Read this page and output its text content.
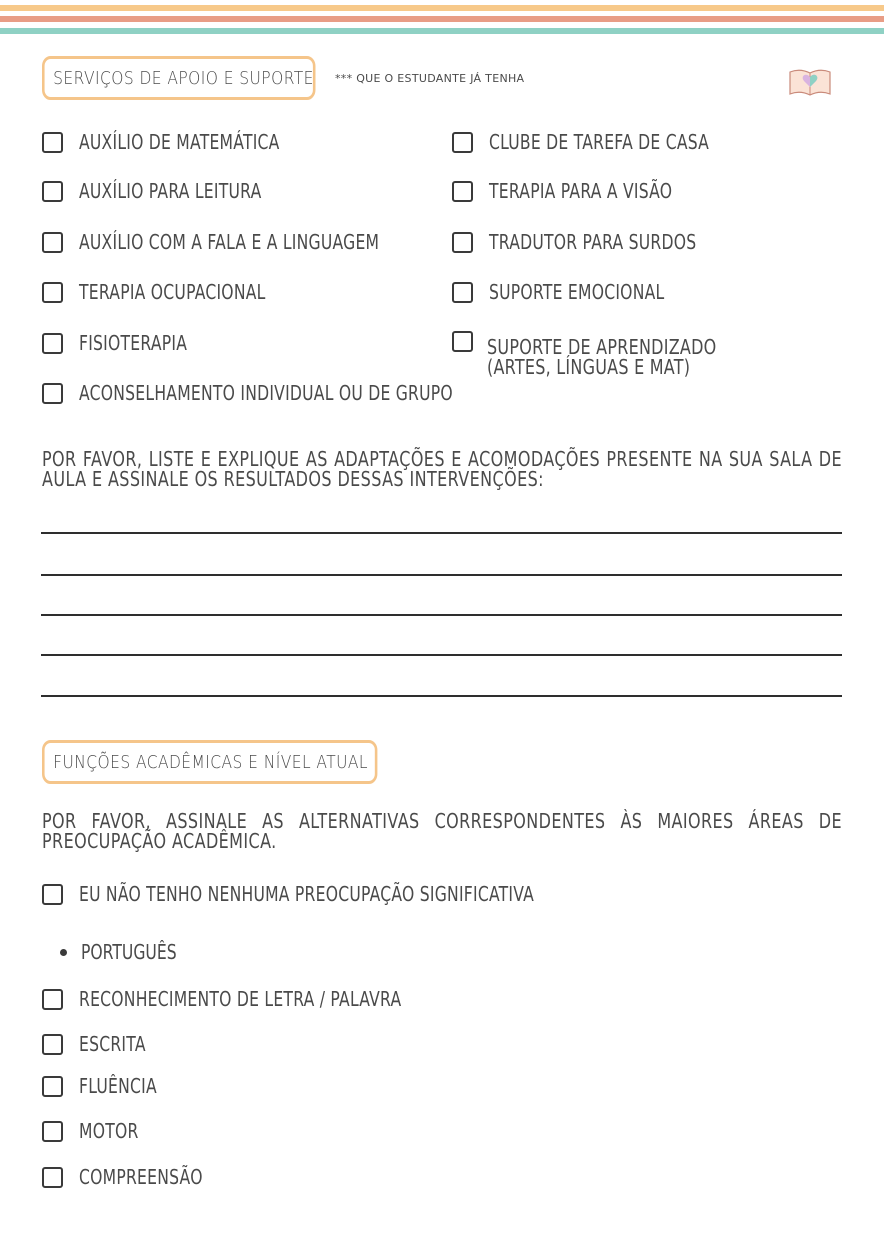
SERVIÇOS DE APOIO E SUPORTE *** QUE O ESTUDANTE JÁ TENHA
AUXÍLIO DE MATEMÁTICA
AUXÍLIO PARA LEITURA
AUXÍLIO COM A FALA E A LINGUAGEM
TERAPIA OCUPACIONAL
FISIOTERAPIA
ACONSELHAMENTO INDIVIDUAL OU DE GRUPO
CLUBE DE TAREFA DE CASA
TERAPIA PARA A VISÃO
TRADUTOR PARA SURDOS
SUPORTE EMOCIONAL
SUPORTE DE APRENDIZADO (ARTES, LÍNGUAS E MAT)
POR FAVOR, LISTE E EXPLIQUE AS ADAPTAÇÕES E ACOMODAÇÕES PRESENTE NA SUA SALA DE AULA E ASSINALE OS RESULTADOS DESSAS INTERVENÇÕES:
FUNÇÕES ACADÊMICAS E NÍVEL ATUAL
POR FAVOR, ASSINALE AS ALTERNATIVAS CORRESPONDENTES ÀS MAIORES ÁREAS DE PREOCUPAÇÃO ACADÊMICA.
EU NÃO TENHO NENHUMA PREOCUPAÇÃO SIGNIFICATIVA
PORTUGUÊS
RECONHECIMENTO DE LETRA / PALAVRA
ESCRITA
FLUÊNCIA
MOTOR
COMPREENSÃO
